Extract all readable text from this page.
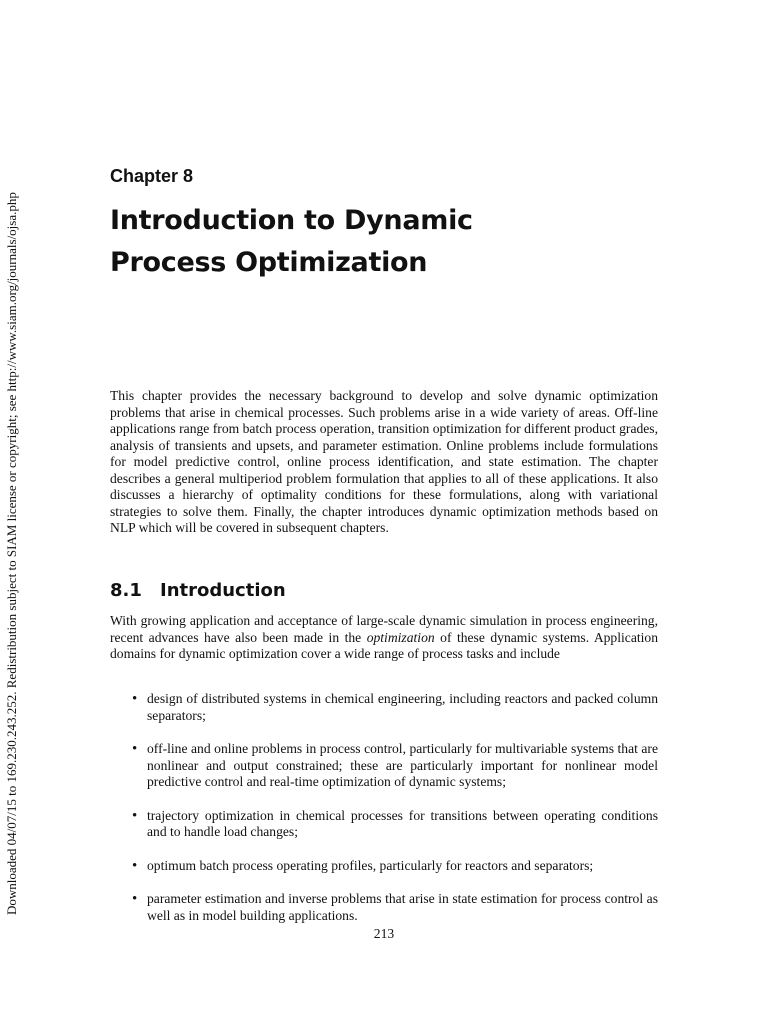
Downloaded 04/07/15 to 169.230.243.252. Redistribution subject to SIAM license or copyright; see http://www.siam.org/journals/ojsa.php
Chapter 8
Introduction to Dynamic
Process Optimization

This chapter provides the necessary background to develop and solve dynamic optimization problems that arise in chemical processes. Such problems arise in a wide variety of areas. Off-line applications range from batch process operation, transition optimization for different product grades, analysis of transients and upsets, and parameter estimation. Online problems include formulations for model predictive control, online process identification, and state estimation. The chapter describes a general multiperiod problem formulation that applies to all of these applications. It also discusses a hierarchy of optimality conditions for these formulations, along with variational strategies to solve them. Finally, the chapter introduces dynamic optimization methods based on NLP which will be covered in subsequent chapters.

8.1 Introduction

With growing application and acceptance of large-scale dynamic simulation in process engineering, recent advances have also been made in the optimization of these dynamic systems. Application domains for dynamic optimization cover a wide range of process tasks and include

• design of distributed systems in chemical engineering, including reactors and packed column separators;
• off-line and online problems in process control, particularly for multivariable systems that are nonlinear and output constrained; these are particularly important for nonlinear model predictive control and real-time optimization of dynamic systems;
• trajectory optimization in chemical processes for transitions between operating conditions and to handle load changes;
• optimum batch process operating profiles, particularly for reactors and separators;
• parameter estimation and inverse problems that arise in state estimation for process control as well as in model building applications.
213
